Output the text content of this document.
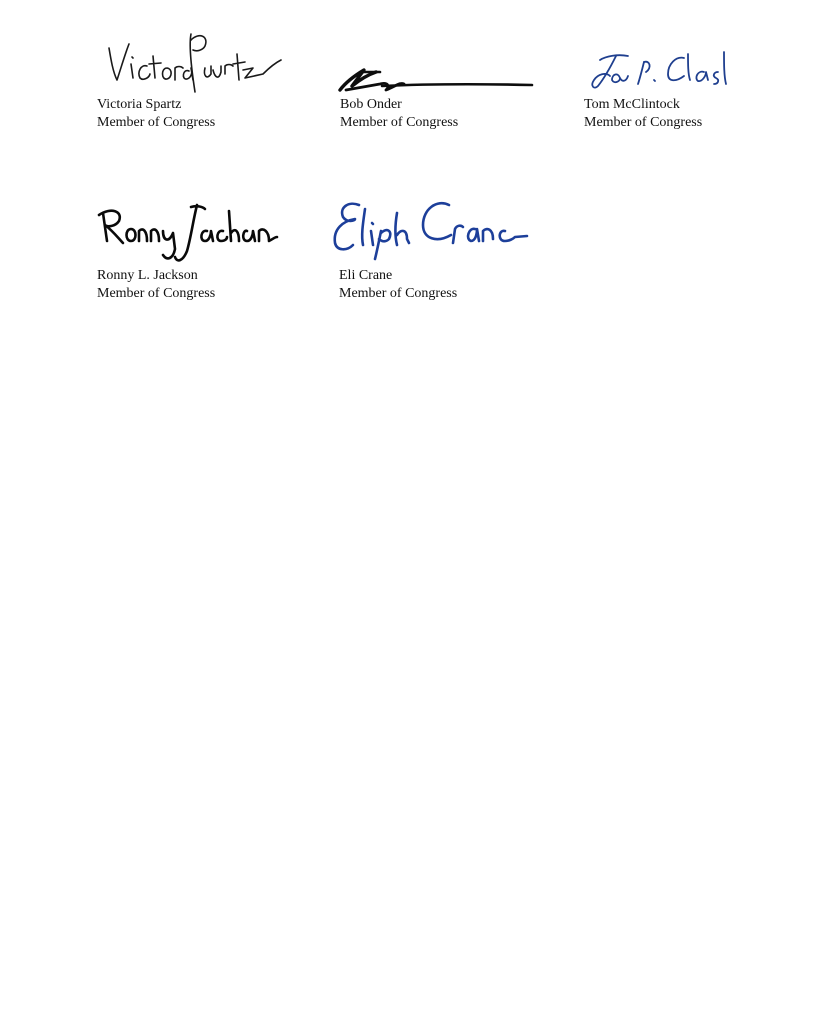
Victoria Spartz
Member of Congress
Bob Onder
Member of Congress
Tom McClintock
Member of Congress
Ronny L. Jackson
Member of Congress
Eli Crane
Member of Congress
